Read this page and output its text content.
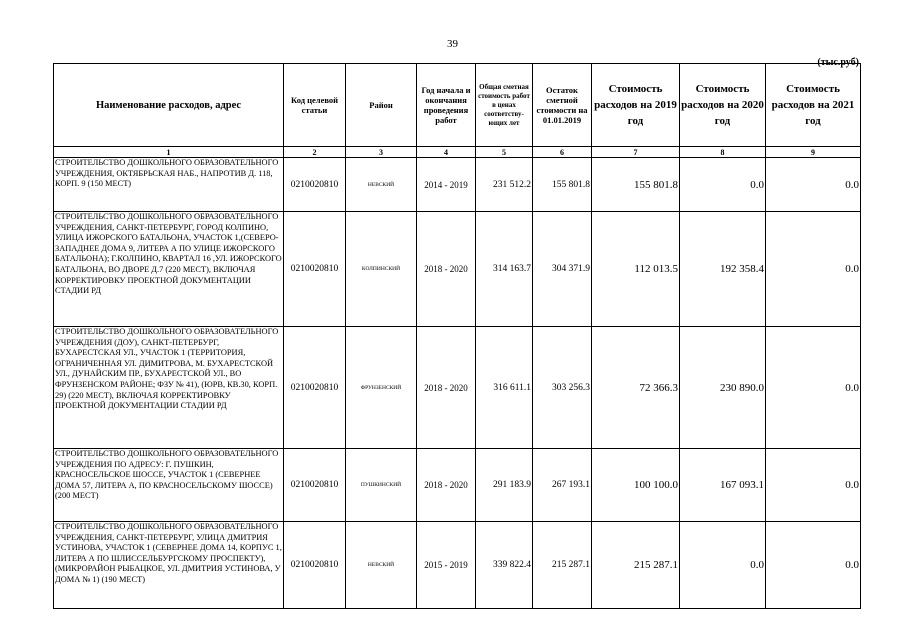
39
(тыс.руб)
Наименование расходов, адрес	Код целевой статьи	Район	Год начала и окончания проведения работ	Общая сметная стоимость работ в ценах соответству-ющих лет	Остаток сметной стоимости на 01.01.2019	Стоимость расходов на 2019 год	Стоимость расходов на 2020 год	Стоимость расходов на 2021 год
1	2	3	4	5	6	7	8	9
СТРОИТЕЛЬСТВО ДОШКОЛЬНОГО ОБРАЗОВАТЕЛЬНОГО УЧРЕЖДЕНИЯ, ОКТЯБРЬСКАЯ НАБ., НАПРОТИВ Д. 118, КОРП. 9 (150 МЕСТ)	0210020810	НЕВСКИЙ	2014 - 2019	231 512.2	155 801.8	155 801.8	0.0	0.0
СТРОИТЕЛЬСТВО ДОШКОЛЬНОГО ОБРАЗОВАТЕЛЬНОГО УЧРЕЖДЕНИЯ, САНКТ-ПЕТЕРБУРГ, ГОРОД КОЛПИНО, УЛИЦА ИЖОРСКОГО БАТАЛЬОНА, УЧАСТОК 1,(СЕВЕРО-ЗАПАДНЕЕ ДОМА 9, ЛИТЕРА А ПО УЛИЦЕ ИЖОРСКОГО БАТАЛЬОНА); Г.КОЛПИНО, КВАРТАЛ 16 ,УЛ. ИЖОРСКОГО БАТАЛЬОНА, ВО ДВОРЕ Д.7 (220 МЕСТ), ВКЛЮЧАЯ КОРРЕКТИРОВКУ ПРОЕКТНОЙ ДОКУМЕНТАЦИИ СТАДИИ РД	0210020810	КОЛПИНСКИЙ	2018 - 2020	314 163.7	304 371.9	112 013.5	192 358.4	0.0
СТРОИТЕЛЬСТВО ДОШКОЛЬНОГО ОБРАЗОВАТЕЛЬНОГО УЧРЕЖДЕНИЯ (ДОУ), САНКТ-ПЕТЕРБУРГ, БУХАРЕСТСКАЯ УЛ., УЧАСТОК 1 (ТЕРРИТОРИЯ, ОГРАНИЧЕННАЯ УЛ. ДИМИТРОВА, М. БУХАРЕСТСКОЙ УЛ., ДУНАЙСКИМ ПР., БУХАРЕСТСКОЙ УЛ., ВО ФРУНЗЕНСКОМ РАЙОНЕ; ФЗУ № 41), (ЮРВ, КВ.30, КОРП. 29) (220 МЕСТ), ВКЛЮЧАЯ КОРРЕКТИРОВКУ ПРОЕКТНОЙ ДОКУМЕНТАЦИИ СТАДИИ РД	0210020810	ФРУНЗЕНСКИЙ	2018 - 2020	316 611.1	303 256.3	72 366.3	230 890.0	0.0
СТРОИТЕЛЬСТВО ДОШКОЛЬНОГО ОБРАЗОВАТЕЛЬНОГО УЧРЕЖДЕНИЯ ПО АДРЕСУ: Г. ПУШКИН, КРАСНОСЕЛЬСКОЕ ШОССЕ, УЧАСТОК 1 (СЕВЕРНЕЕ ДОМА 57, ЛИТЕРА А, ПО КРАСНОСЕЛЬСКОМУ ШОССЕ) (200 МЕСТ)	0210020810	ПУШКИНСКИЙ	2018 - 2020	291 183.9	267 193.1	100 100.0	167 093.1	0.0
СТРОИТЕЛЬСТВО ДОШКОЛЬНОГО ОБРАЗОВАТЕЛЬНОГО УЧРЕЖДЕНИЯ, САНКТ-ПЕТЕРБУРГ, УЛИЦА ДМИТРИЯ УСТИНОВА, УЧАСТОК 1 (СЕВЕРНЕЕ ДОМА 14, КОРПУС 1, ЛИТЕРА А ПО ШЛИССЕЛЬБУРГСКОМУ ПРОСПЕКТУ), (МИКРОРАЙОН РЫБАЦКОЕ, УЛ. ДМИТРИЯ УСТИНОВА, У ДОМА № 1) (190 МЕСТ)	0210020810	НЕВСКИЙ	2015 - 2019	339 822.4	215 287.1	215 287.1	0.0	0.0
